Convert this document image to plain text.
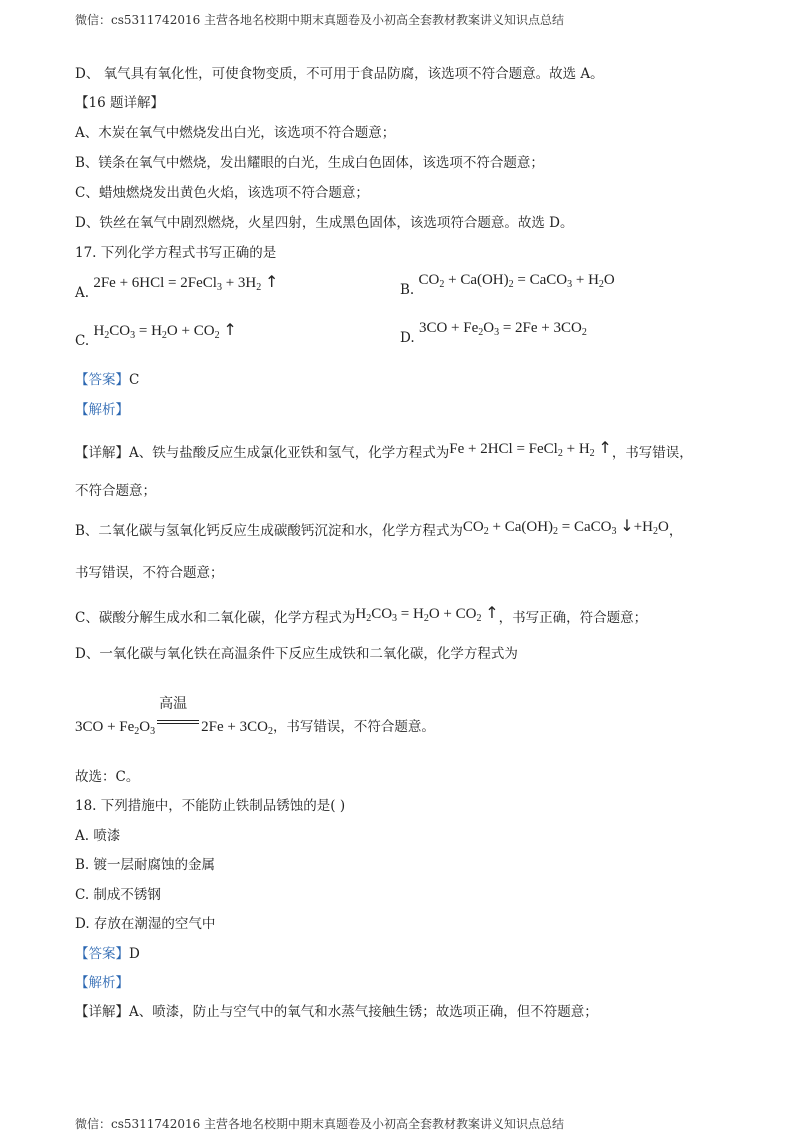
微信：cs5311742016 主营各地名校期中期末真题卷及小初高全套教材教案讲义知识点总结
D、 氧气具有氧化性，可使食物变质，不可用于食品防腐，该选项不符合题意。故选 A。
【16 题详解】
A、木炭在氧气中燃烧发出白光，该选项不符合题意；
B、镁条在氧气中燃烧，发出耀眼的白光，生成白色固体，该选项不符合题意；
C、蜡烛燃烧发出黄色火焰，该选项不符合题意；
D、铁丝在氧气中剧烈燃烧，火星四射，生成黑色固体，该选项符合题意。故选 D。
17. 下列化学方程式书写正确的是
A. 2Fe + 6HCl = 2FeCl$_3$ + $3H_2$ ↑	B. $CO_2 + Ca(OH)_2$ = CaCO$_3$ + $H_2O$
C. $H_2CO_3 = H_2O + CO_2$ ↑	D. $3CO + Fe_2O_3 = 2Fe + 3CO_2$
【答案】C
【解析】
【详解】A、铁与盐酸反应生成氯化亚铁和氢气，化学方程式为Fe + 2HCl = FeCl$_2$ + $H_2$ ↑，书写错误，
不符合题意；
B、二氧化碳与氢氧化钙反应生成碳酸钙沉淀和水，化学方程式为$CO_2 + Ca(OH)_2$ = CaCO$_3$ $↓+H_2O$，
书写错误，不符合题意；
C、碳酸分解生成水和二氧化碳，化学方程式为$H_2CO_3 = H_2O + CO_2$ ↑，书写正确，符合题意；
D、一氧化碳与氧化铁在高温条件下反应生成铁和二氧化碳，化学方程式为
$3CO + Fe_2O_3$
高温
$2Fe + 3CO_2$，书写错误，不符合题意。
故选：C。
18. 下列措施中，不能防止铁制品锈蚀的是( )
A. 喷漆
B. 镀一层耐腐蚀的金属
C. 制成不锈钢
D. 存放在潮湿的空气中
【答案】D
【解析】
【详解】A、喷漆，防止与空气中的氧气和水蒸气接触生锈；故选项正确，但不符题意；
微信：cs5311742016 主营各地名校期中期末真题卷及小初高全套教材教案讲义知识点总结
